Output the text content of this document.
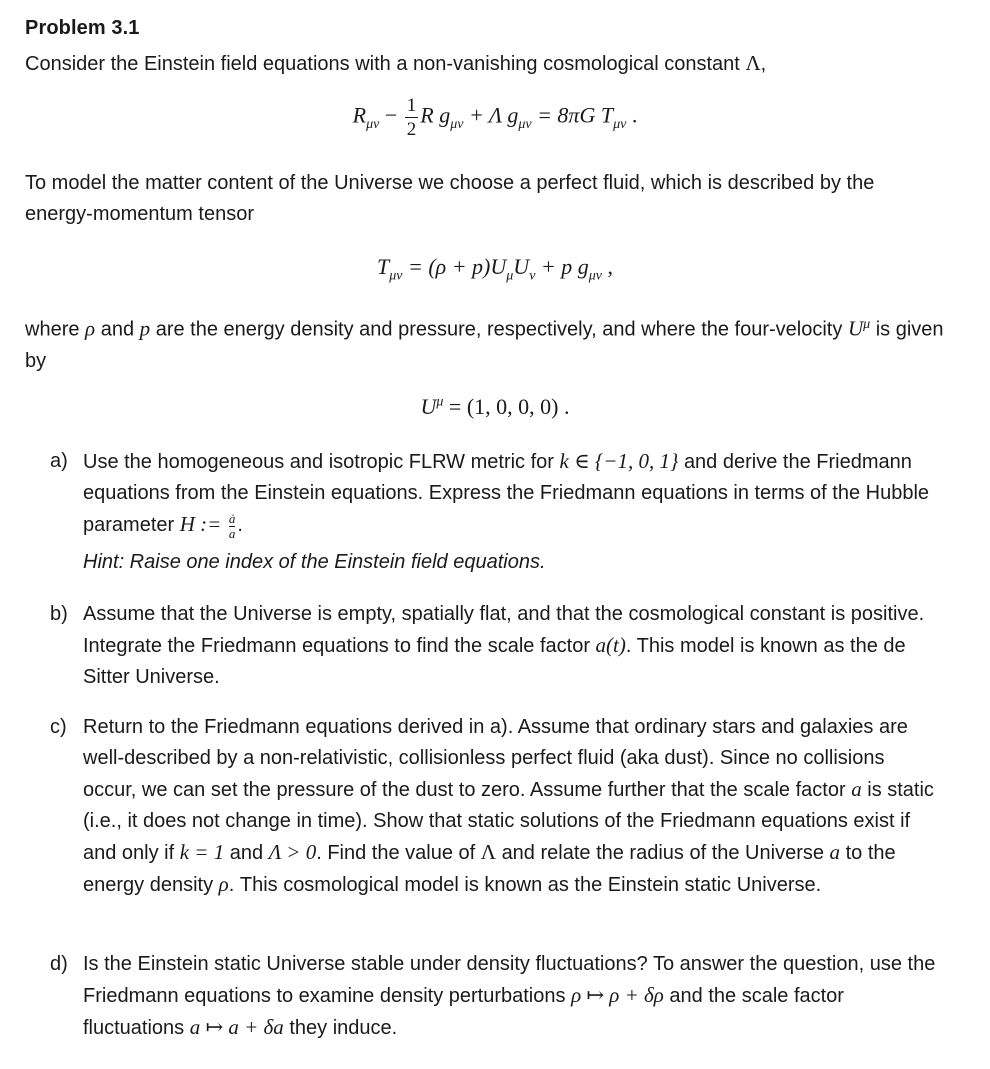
Problem 3.1
Consider the Einstein field equations with a non-vanishing cosmological constant Λ,
$R_{\mu\nu} - \frac{1}{2}$ R $g_{\mu\nu} + \Lambda$ $g_{\mu\nu} = 8\pi G$ $T_{\mu\nu}$ .
To model the matter content of the Universe we choose a perfect fluid, which is described by the energy-momentum tensor
$T_{\mu\nu} = (\rho + p)U_\mu U_\nu + p$ $g_{\mu\nu}$ ,
where ρ and p are the energy density and pressure, respectively, and where the four-velocity $U^\mu$ is given by
$U^\mu = (1$, 0, 0, 0) .
a) Use the homogeneous and isotropic FLRW metric for k ∈ {−1, 0, 1} and derive the Friedmann equations from the Einstein equations. Express the Friedmann equations in terms of the Hubble parameter H := $\frac{ȧ}{a}$ .
Hint: Raise one index of the Einstein field equations.
b) Assume that the Universe is empty, spatially flat, and that the cosmological constant is positive. Integrate the Friedmann equations to find the scale factor a(t). This model is known as the de Sitter Universe.
c) Return to the Friedmann equations derived in a). Assume that ordinary stars and galaxies are well-described by a non-relativistic, collisionless perfect fluid (aka dust). Since no collisions occur, we can set the pressure of the dust to zero. Assume further that the scale factor a is static (i.e., it does not change in time). Show that static solutions of the Friedmann equations exist if and only if k = 1 and Λ > 0. Find the value of Λ and relate the radius of the Universe a to the energy density ρ. This cosmological model is known as the Einstein static Universe.
d) Is the Einstein static Universe stable under density fluctuations? To answer the question, use the Friedmann equations to examine density perturbations ρ ↦ ρ + δρ and the scale factor fluctuations a ↦ a + δa they induce.
